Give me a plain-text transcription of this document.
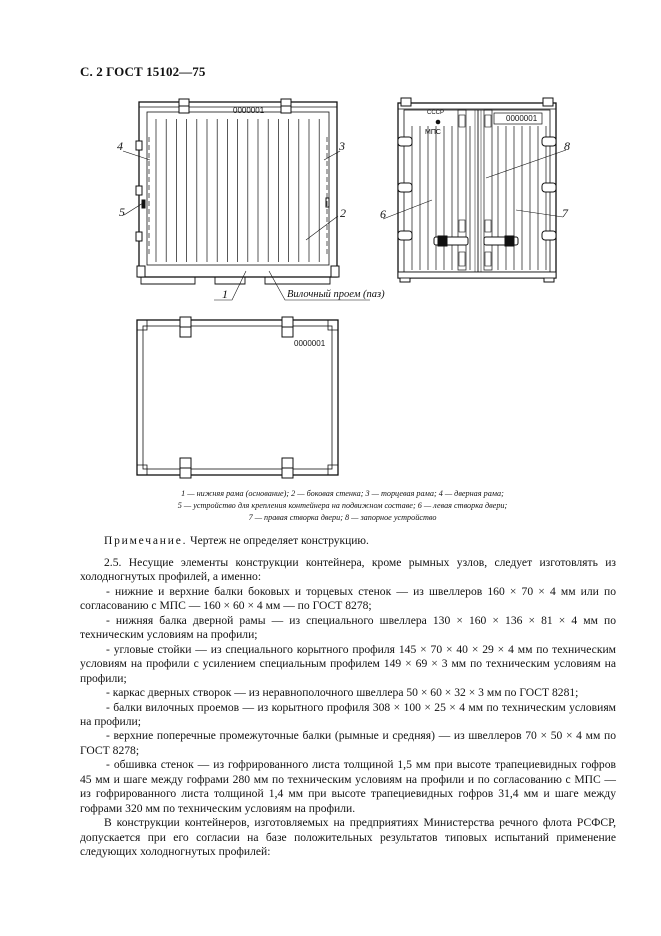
С. 2 ГОСТ 15102—75
0000001
0000001
0000001
СССР
МПС
4
5
3
2
1
6	7
8
Вилочный проем (паз)
1 — нижняя рама (основание); 2 — боковая стенка; 3 — торцевая рама; 4 — дверная рама;
5 — устройство для крепления контейнера на подвижном составе; 6 — левая створка двери;
7 — правая створка двери; 8 — запорное устройство
Примечание. Чертеж не определяет конструкцию.

2.5. Несущие элементы конструкции контейнера, кроме рымных узлов, следует изготовлять из холодногнутых профилей, а именно:

- нижние и верхние балки боковых и торцевых стенок — из швеллеров 160 × 70 × 4 мм или по согласованию с МПС — 160 × 60 × 4 мм — по ГОСТ 8278;

- нижняя балка дверной рамы — из специального швеллера 130 × 160 × 136 × 81 × 4 мм по техническим условиям на профили;

- угловые стойки — из специального корытного профиля 145 × 70 × 40 × 29 × 4 мм по техническим условиям на профили с усилением специальным профилем 149 × 69 × 3 мм по техническим условиям на профили;

- каркас дверных створок — из неравнополочного швеллера 50 × 60 × 32 × 3 мм по ГОСТ 8281;

- балки вилочных проемов — из корытного профиля 308 × 100 × 25 × 4 мм по техническим условиям на профили;

- верхние поперечные промежуточные балки (рымные и средняя) — из швеллеров 70 × 50 × 4 мм по ГОСТ 8278;

- обшивка стенок — из гофрированного листа толщиной 1,5 мм при высоте трапециевидных гофров 45 мм и шаге между гофрами 280 мм по техническим условиям на профили и по согласованию с МПС — из гофрированного листа толщиной 1,4 мм при высоте трапециевидных гофров 31,4 мм и шаге между гофрами 320 мм по техническим условиям на профили.

В конструкции контейнеров, изготовляемых на предприятиях Министерства речного флота РСФСР, допускается при его согласии на базе положительных результатов типовых испытаний применение следующих холодногнутых профилей:
